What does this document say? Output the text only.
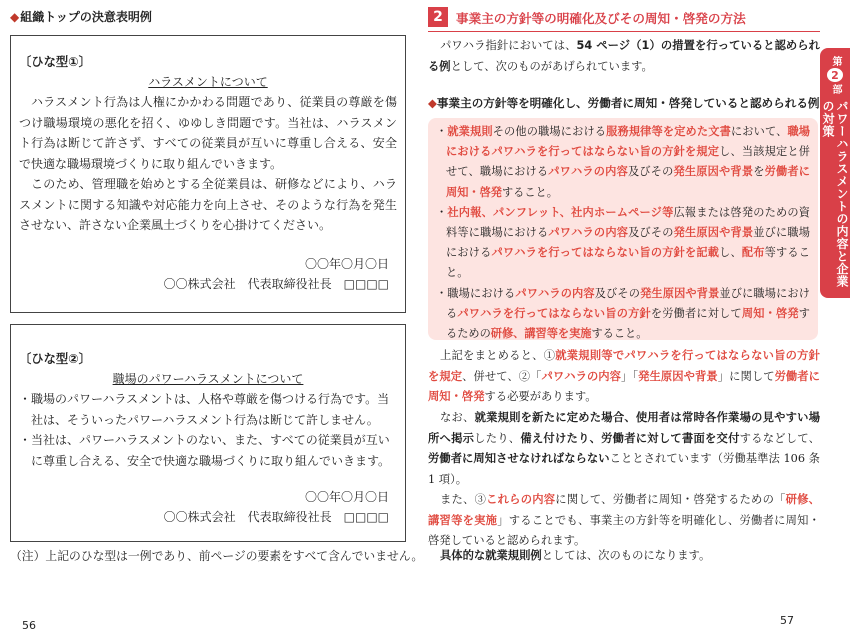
◆組織トップの決意表明例
〔ひな型①〕
ハラスメントについて

ハラスメント行為は人権にかかわる問題であり、従業員の尊厳を傷つけ職場環境の悪化を招く、ゆゆしき問題です。当社は、ハラスメント行為は断じて許さず、すべての従業員が互いに尊重し合える、安全で快適な職場環境づくりに取り組んでいきます。

このため、管理職を始めとする全従業員は、研修などにより、ハラスメントに関する知識や対応能力を向上させ、そのような行為を発生させない、許さない企業風土づくりを心掛けてください。

〇〇年〇月〇日
〇〇株式会社　代表取締役社長　□□□□
〔ひな型②〕
職場のパワーハラスメントについて

・職場のパワーハラスメントは、人格や尊厳を傷つける行為です。当社は、そういったパワーハラスメント行為は断じて許しません。

・当社は、パワーハラスメントのない、また、すべての従業員が互いに尊重し合える、安全で快適な職場づくりに取り組んでいきます。

〇〇年〇月〇日
〇〇株式会社　代表取締役社長　□□□□
（注）上記のひな型は一例であり、前ページの要素をすべて含んでいません。
56
2	事業主の方針等の明確化及びその周知・啓発の方法

パワハラ指針においては、54 ページ（1）の措置を行っていると認められる例として、次のものがあげられています。

◆事業主の方針等を明確化し、労働者に周知・啓発していると認められる例

・就業規則その他の職場における服務規律等を定めた文書において、職場におけるパワハラを行ってはならない旨の方針を規定し、当該規定と併せて、職場におけるパワハラの内容及びその発生原因や背景を労働者に周知・啓発すること。

・社内報、パンフレット、社内ホームページ等広報または啓発のための資料等に職場におけるパワハラの内容及びその発生原因や背景並びに職場におけるパワハラを行ってはならない旨の方針を記載し、配布等すること。

・職場におけるパワハラの内容及びその発生原因や背景並びに職場におけるパワハラを行ってはならない旨の方針を労働者に対して周知・啓発するための研修、講習等を実施すること。

上記をまとめると、①就業規則等でパワハラを行ってはならない旨の方針を規定、併せて、②「パワハラの内容」「発生原因や背景」に関して労働者に周知・啓発する必要があります。

なお、就業規則を新たに定めた場合、使用者は常時各作業場の見やすい場所へ掲示したり、備え付けたり、労働者に対して書面を交付するなどして、労働者に周知させなければならないこととされています（労働基準法 106 条 1 項）。

また、③これらの内容に関して、労働者に周知・啓発するための「研修、講習等を実施」することでも、事業主の方針等を明確化し、労働者に周知・啓発していると認められます。

具体的な就業規則例としては、次のものになります。

57
第
2
部
パワーハラスメントの内容と企業の対策
